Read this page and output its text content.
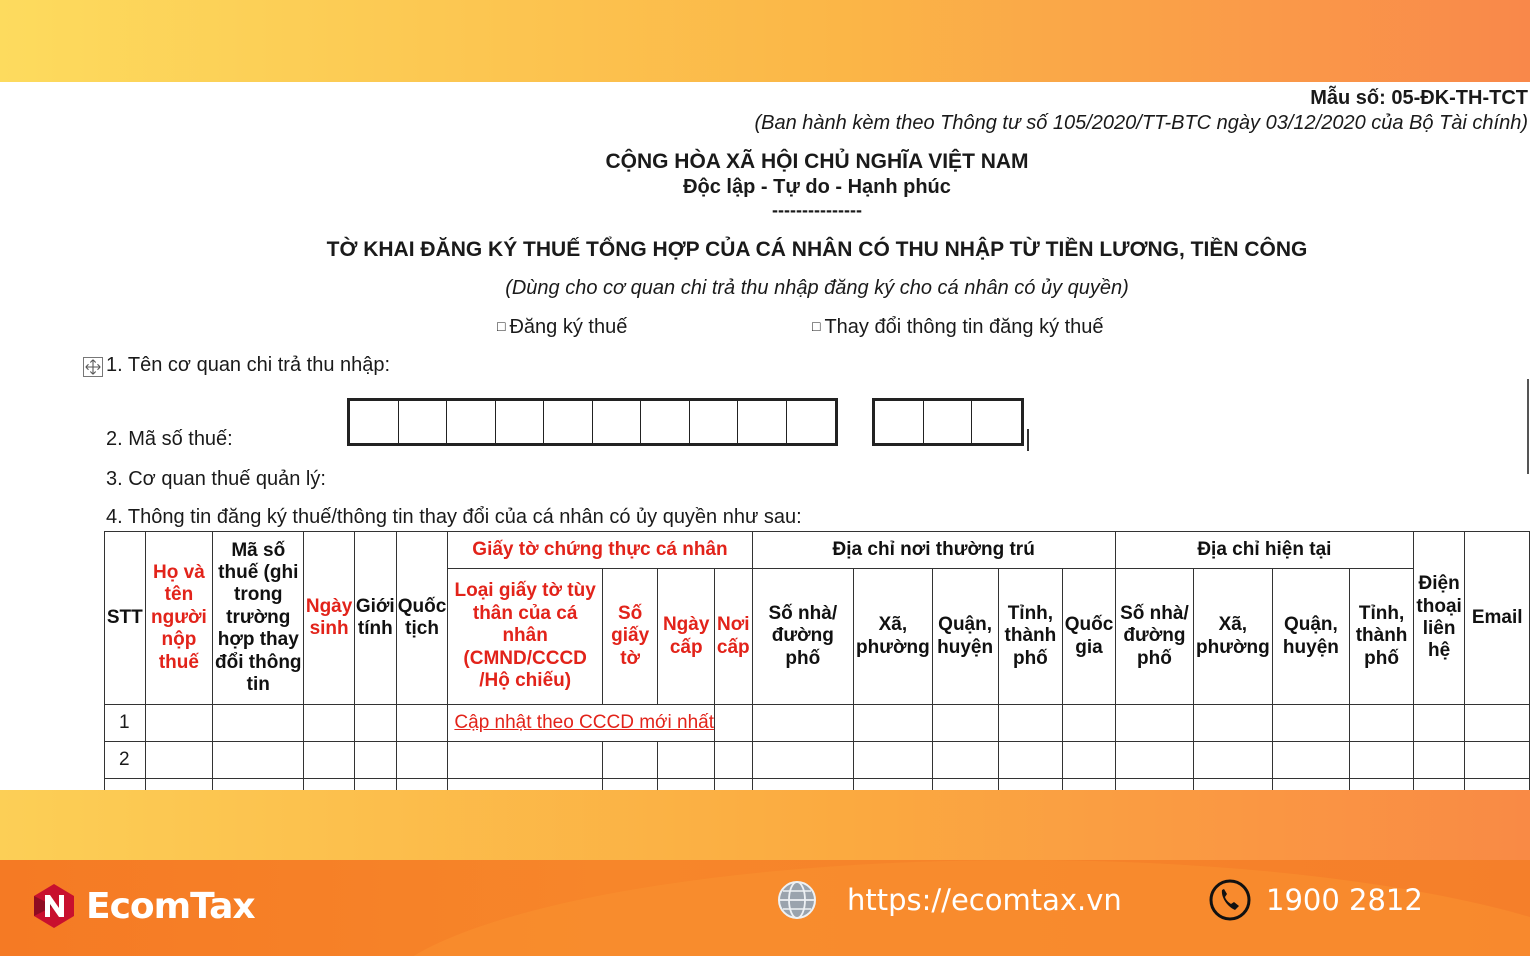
Mẫu số: 05-ĐK-TH-TCT
(Ban hành kèm theo Thông tư số 105/2020/TT-BTC ngày 03/12/2020 của Bộ Tài chính)
CỘNG HÒA XÃ HỘI CHỦ NGHĨA VIỆT NAM
Độc lập - Tự do - Hạnh phúc
---------------
TỜ KHAI ĐĂNG KÝ THUẾ TỔNG HỢP CỦA CÁ NHÂN CÓ THU NHẬP TỪ TIỀN LƯƠNG, TIỀN CÔNG
(Dùng cho cơ quan chi trả thu nhập đăng ký cho cá nhân có ủy quyền)
□ Đăng ký thuế	□ Thay đổi thông tin đăng ký thuế
1. Tên cơ quan chi trả thu nhập:
2. Mã số thuế:
3. Cơ quan thuế quản lý:
4. Thông tin đăng ký thuế/thông tin thay đổi của cá nhân có ủy quyền như sau:
STT	Họ và tên người nộp thuế	Mã số thuế (ghi trong trường hợp thay đổi thông tin	Ngày sinh	Giới tính	Quốc tịch	Giấy tờ chứng thực cá nhân				Địa chỉ nơi thường trú					Địa chỉ hiện tại				Điện thoại liên hệ	Email
						Loại giấy tờ tùy thân của cá nhân (CMND/CCCD /Hộ chiếu)	Số giấy tờ	Ngày cấp	Nơi cấp	Số nhà/đường phố	Xã, phường	Quận, huyện	Tỉnh, thành phố	Quốc gia	Số nhà/ đường phố	Xã, phường	Quận, huyện	Tỉnh, thành phố		
1						Cập nhật theo CCCD mới nhất														
2																				

EcomTax	https://ecomtax.vn	1900 2812
